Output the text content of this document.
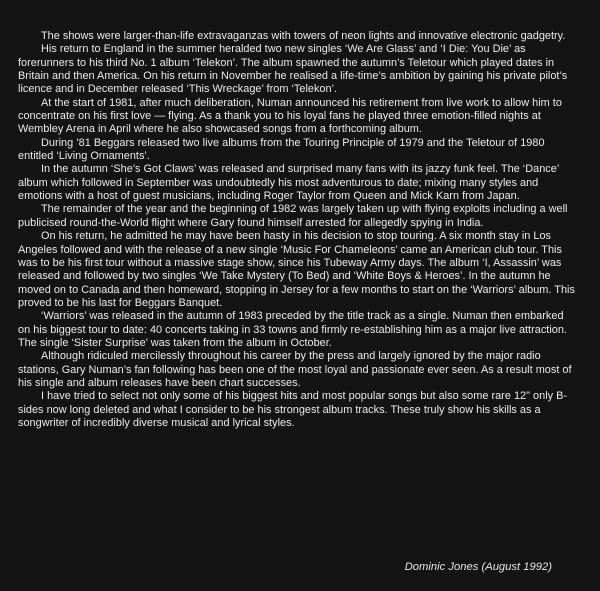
The shows were larger-than-life extravaganzas with towers of neon lights and innovative electronic gadgetry.

His return to England in the summer heralded two new singles ‘We Are Glass’ and ‘I Die: You Die’ as forerunners to his third No. 1 album ‘Telekon’. The album spawned the autumn’s Teletour which played dates in Britain and then America. On his return in November he realised a life-time’s ambition by gaining his private pilot’s licence and in December released ‘This Wreckage’ from ‘Telekon’.

At the start of 1981, after much deliberation, Numan announced his retirement from live work to allow him to concentrate on his first love — flying. As a thank you to his loyal fans he played three emotion-filled nights at Wembley Arena in April where he also showcased songs from a forthcoming album.

During ’81 Beggars released two live albums from the Touring Principle of 1979 and the Teletour of 1980 entitled ‘Living Ornaments’.

In the autumn ‘She’s Got Claws’ was released and surprised many fans with its jazzy funk feel. The ‘Dance’ album which followed in September was undoubtedly his most adventurous to date; mixing many styles and emotions with a host of guest musicians, including Roger Taylor from Queen and Mick Karn from Japan.

The remainder of the year and the beginning of 1982 was largely taken up with flying exploits including a well publicised round-the-World flight where Gary found himself arrested for allegedly spying in India.

On his return, he admitted he may have been hasty in his decision to stop touring. A six month stay in Los Angeles followed and with the release of a new single ‘Music For Chameleons’ came an American club tour. This was to be his first tour without a massive stage show, since his Tubeway Army days. The album ‘I, Assassin’ was released and followed by two singles ‘We Take Mystery (To Bed) and ‘White Boys & Heroes’. In the autumn he moved on to Canada and then homeward, stopping in Jersey for a few months to start on the ‘Warriors’ album. This proved to be his last for Beggars Banquet.

‘Warriors’ was released in the autumn of 1983 preceded by the title track as a single. Numan then embarked on his biggest tour to date: 40 concerts taking in 33 towns and firmly re-establishing him as a major live attraction. The single ‘Sister Surprise’ was taken from the album in October.

Although ridiculed mercilessly throughout his career by the press and largely ignored by the major radio stations, Gary Numan’s fan following has been one of the most loyal and passionate ever seen. As a result most of his single and album releases have been chart successes.

I have tried to select not only some of his biggest hits and most popular songs but also some rare 12" only B-sides now long deleted and what I consider to be his strongest album tracks. These truly show his skills as a songwriter of incredibly diverse musical and lyrical styles.

Dominic Jones (August 1992)
